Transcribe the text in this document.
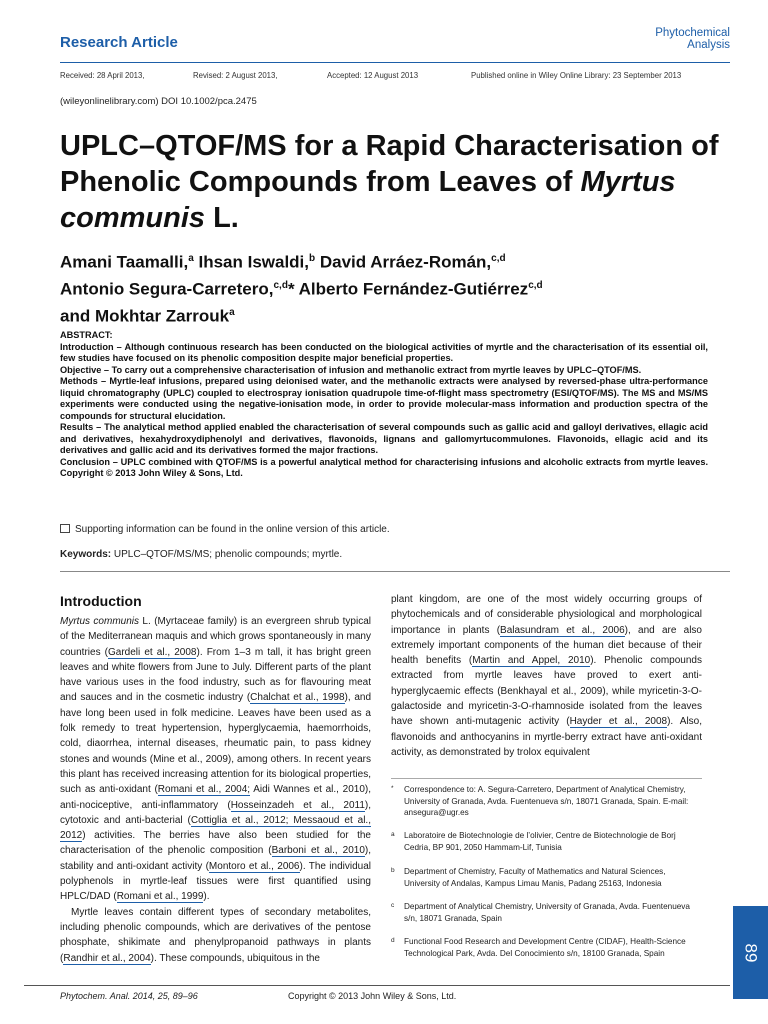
Research Article
Phytochemical
Analysis
Received: 28 April 2013,	Revised: 2 August 2013,	Accepted: 12 August 2013	Published online in Wiley Online Library: 23 September 2013
(wileyonlinelibrary.com) DOI 10.1002/pca.2475
UPLC–QTOF/MS for a Rapid Characterisation of Phenolic Compounds from Leaves of Myrtus communis L.
Amani Taamalli,$^a$ Ihsan Iswaldi,$^b$ David Arráez-Román,$^{c,d}$
Antonio Segura-Carretero,$^{c,d}$* Alberto Fernández-Gutiérrez$^{c,d}$
and Mokhtar Zarrouk$^a$

ABSTRACT:

Introduction – Although continuous research has been conducted on the biological activities of myrtle and the characterisation of its essential oil, few studies have focused on its phenolic composition despite major beneficial properties.

Objective – To carry out a comprehensive characterisation of infusion and methanolic extract from myrtle leaves by UPLC–QTOF/MS.

Methods – Myrtle-leaf infusions, prepared using deionised water, and the methanolic extracts were analysed by reversed-phase ultra-performance liquid chromatography (UPLC) coupled to electrospray ionisation quadrupole time-of-flight mass spectrometry (ESI/QTOF/MS). The MS and MS/MS experiments were conducted using the negative-ionisation mode, in order to provide molecular-mass information and production spectra of the compounds for structural elucidation.

Results – The analytical method applied enabled the characterisation of several compounds such as gallic acid and galloyl derivatives, ellagic acid and derivatives, hexahydroxydiphenolyl and derivatives, flavonoids, lignans and gallomyrtucommulones. Flavonoids, ellagic acid and its derivatives and gallic acid and its derivatives formed the major fractions.

Conclusion – UPLC combined with QTOF/MS is a powerful analytical method for characterising infusions and alcoholic extracts from myrtle leaves. Copyright © 2013 John Wiley & Sons, Ltd.

Supporting information can be found in the online version of this article.
Keywords: UPLC–QTOF/MS/MS; phenolic compounds; myrtle.
Introduction

Myrtus communis L. (Myrtaceae family) is an evergreen shrub typical of the Mediterranean maquis and which grows spontaneously in many countries (Gardeli et al., 2008). From 1–3 m tall, it has bright green leaves and white flowers from June to July. Different parts of the plant have various uses in the food industry, such as for flavouring meat and sauces and in the cosmetic industry (Chalchat et al., 1998), and have long been used in folk medicine. Leaves have been used as a folk remedy to treat hypertension, hyperglycaemia, haemorrhoids, cold, diaorrhea, internal diseases, rheumatic pain, to pass kidney stones and wounds (Mine et al., 2009), among others. In recent years this plant has received increasing attention for its biological properties, such as anti-oxidant (Romani et al., 2004; Aidi Wannes et al., 2010), anti-nociceptive, anti-inflammatory (Hosseinzadeh et al., 2011), cytotoxic and anti-bacterial (Cottiglia et al., 2012; Messaoud et al., 2012) activities. The berries have also been studied for the characterisation of the phenolic composition (Barboni et al., 2010), stability and anti-oxidant activity (Montoro et al., 2006). The individual polyphenols in myrtle-leaf tissues were first quantified using HPLC/DAD (Romani et al., 1999).

Myrtle leaves contain different types of secondary metabolites, including phenolic compounds, which are derivatives of the pentose phosphate, shikimate and phenylpropanoid pathways in plants (Randhir et al., 2004). These compounds, ubiquitous in the

plant kingdom, are one of the most widely occurring groups of phytochemicals and of considerable physiological and morphological importance in plants (Balasundram et al., 2006), and are also extremely important components of the human diet because of their health benefits (Martin and Appel, 2010). Phenolic compounds extracted from myrtle leaves have proved to exert anti-hyperglycaemic effects (Benkhayal et al., 2009), while myricetin-3-O-galactoside and myricetin-3-O-rhamnoside isolated from the leaves have shown anti-mutagenic activity (Hayder et al., 2008). Also, flavonoids and anthocyanins in myrtle-berry extract have anti-oxidant activity, as demonstrated by trolox equivalent

* Correspondence to: A. Segura-Carretero, Department of Analytical Chemistry, University of Granada, Avda. Fuentenueva s/n, 18071 Granada, Spain. E-mail: ansegura@ugr.es
a Laboratoire de Biotechnologie de l’olivier, Centre de Biotechnologie de Borj Cedria, BP 901, 2050 Hammam-Lif, Tunisia
b Department of Chemistry, Faculty of Mathematics and Natural Sciences, University of Andalas, Kampus Limau Manis, Padang 25163, Indonesia
c Department of Analytical Chemistry, University of Granada, Avda. Fuentenueva s/n, 18071 Granada, Spain
d Functional Food Research and Development Centre (CIDAF), Health-Science Technological Park, Avda. Del Conocimiento s/n, 18100 Granada, Spain
Phytochem. Anal. 2014, 25, 89–96	Copyright © 2013 John Wiley & Sons, Ltd.
89
